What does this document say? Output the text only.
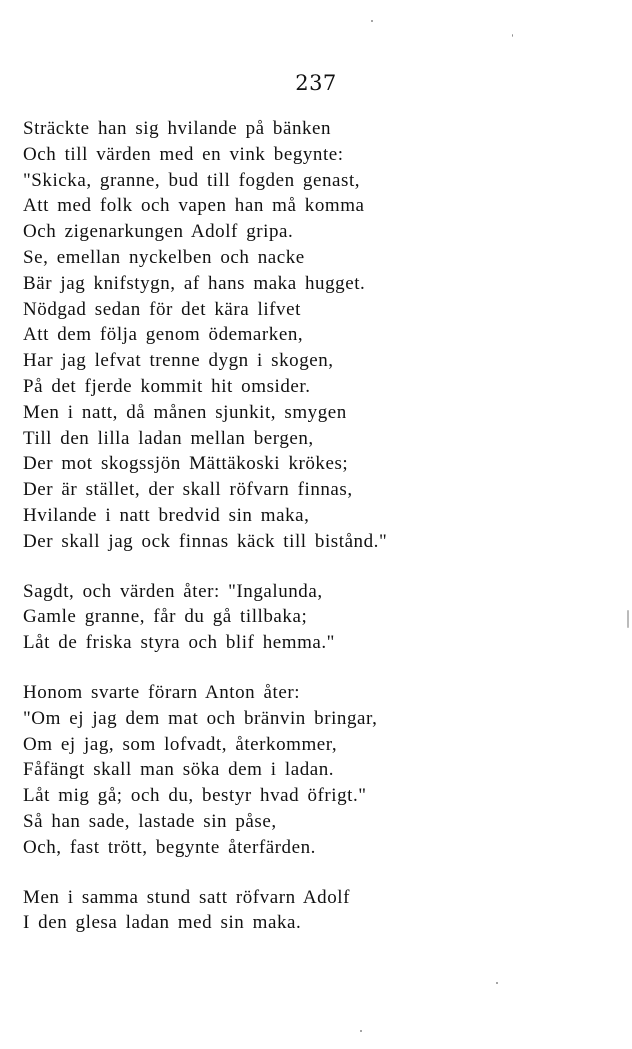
237
Sträckte han sig hvilande på bänken
Och till värden med en vink begynte:
"Skicka, granne, bud till fogden genast,
Att med folk och vapen han må komma
Och zigenarkungen Adolf gripa.
Se, emellan nyckelben och nacke
Bär jag knifstygn, af hans maka hugget.
Nödgad sedan för det kära lifvet
Att dem följa genom ödemarken,
Har jag lefvat trenne dygn i skogen,
På det fjerde kommit hit omsider.
Men i natt, då månen sjunkit, smygen
Till den lilla ladan mellan bergen,
Der mot skogssjön Mättäkoski krökes;
Der är stället, der skall röfvarn finnas,
Hvilande i natt bredvid sin maka,
Der skall jag ock finnas käck till bistånd."
Sagdt, och värden åter: "Ingalunda,
Gamle granne, får du gå tillbaka;
Låt de friska styra och blif hemma."
Honom svarte förarn Anton åter:
"Om ej jag dem mat och bränvin bringar,
Om ej jag, som lofvadt, återkommer,
Fåfängt skall man söka dem i ladan.
Låt mig gå; och du, bestyr hvad öfrigt."
Så han sade, lastade sin påse,
Och, fast trött, begynte återfärden.
Men i samma stund satt röfvarn Adolf
I den glesa ladan med sin maka.
